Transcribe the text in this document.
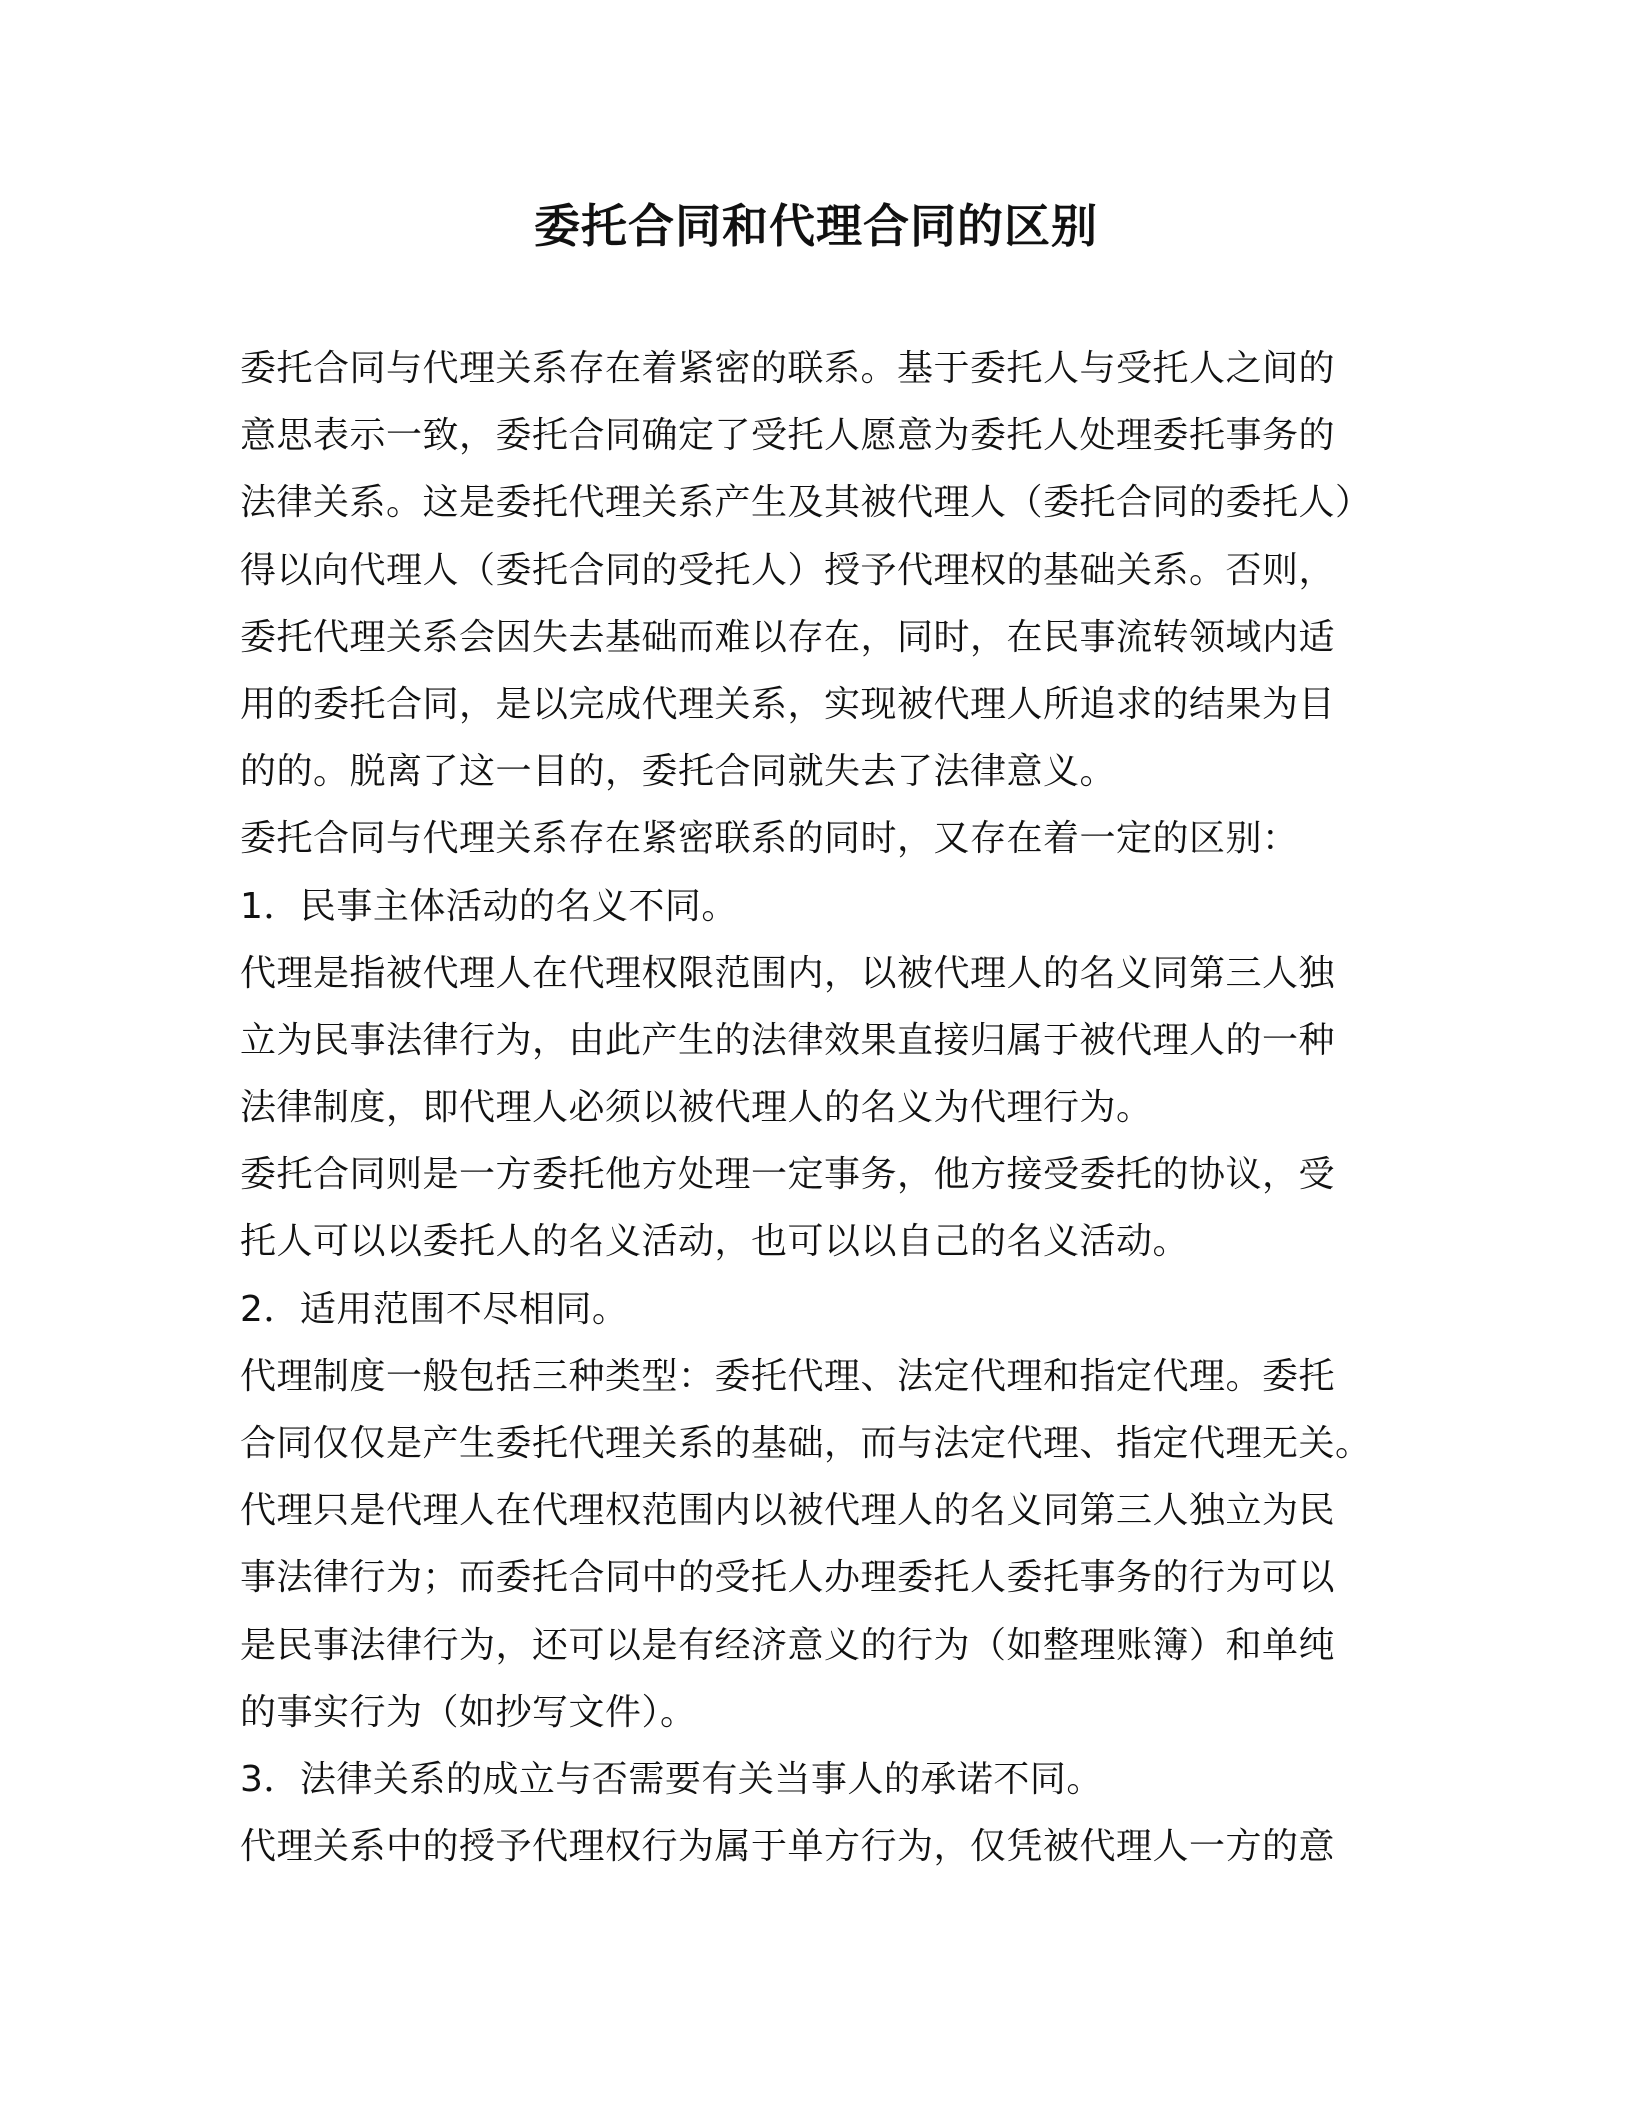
委托合同和代理合同的区别
委托合同与代理关系存在着紧密的联系。基于委托人与受托人之间的
意思表示一致，委托合同确定了受托人愿意为委托人处理委托事务的
法律关系。这是委托代理关系产生及其被代理人（委托合同的委托人）
得以向代理人（委托合同的受托人）授予代理权的基础关系。否则，
委托代理关系会因失去基础而难以存在，同时，在民事流转领域内适
用的委托合同，是以完成代理关系，实现被代理人所追求的结果为目
的的。脱离了这一目的，委托合同就失去了法律意义。
委托合同与代理关系存在紧密联系的同时，又存在着一定的区别：
1．民事主体活动的名义不同。
代理是指被代理人在代理权限范围内，以被代理人的名义同第三人独
立为民事法律行为，由此产生的法律效果直接归属于被代理人的一种
法律制度，即代理人必须以被代理人的名义为代理行为。
委托合同则是一方委托他方处理一定事务，他方接受委托的协议，受
托人可以以委托人的名义活动，也可以以自己的名义活动。
2．适用范围不尽相同。
代理制度一般包括三种类型：委托代理、法定代理和指定代理。委托
合同仅仅是产生委托代理关系的基础，而与法定代理、指定代理无关。
代理只是代理人在代理权范围内以被代理人的名义同第三人独立为民
事法律行为；而委托合同中的受托人办理委托人委托事务的行为可以
是民事法律行为，还可以是有经济意义的行为（如整理账簿）和单纯
的事实行为（如抄写文件）。
3．法律关系的成立与否需要有关当事人的承诺不同。
代理关系中的授予代理权行为属于单方行为，仅凭被代理人一方的意
